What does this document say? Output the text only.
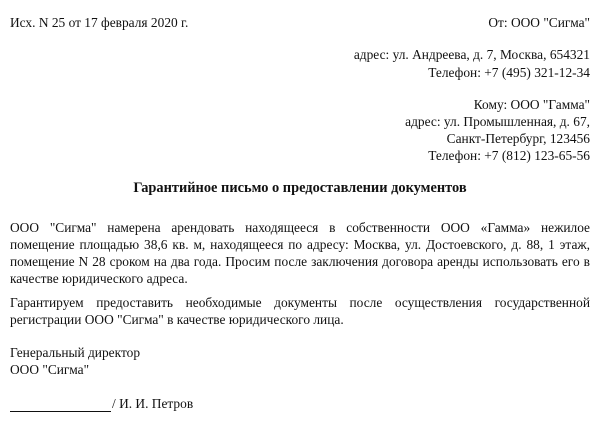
Исх. N 25 от 17 февраля 2020 г.	От: ООО "Сигма"
адрес: ул. Андреева, д. 7, Москва, 654321
Телефон: +7 (495) 321-12-34
Кому: ООО "Гамма"
адрес: ул. Промышленная, д. 67,
Санкт-Петербург, 123456
Телефон: +7 (812) 123-65-56
Гарантийное письмо о предоставлении документов

ООО "Сигма" намерена арендовать находящееся в собственности ООО «Гамма» нежилое помещение площадью 38,6 кв. м, находящееся по адресу: Москва, ул. Достоевского, д. 88, 1 этаж, помещение N 28 сроком на два года. Просим после заключения договора аренды использовать его в качестве юридического адреса.

Гарантируем предоставить необходимые документы после осуществления государственной регистрации ООО "Сигма" в качестве юридического лица.

Генеральный директор
ООО "Сигма"
/ И. И. Петров
